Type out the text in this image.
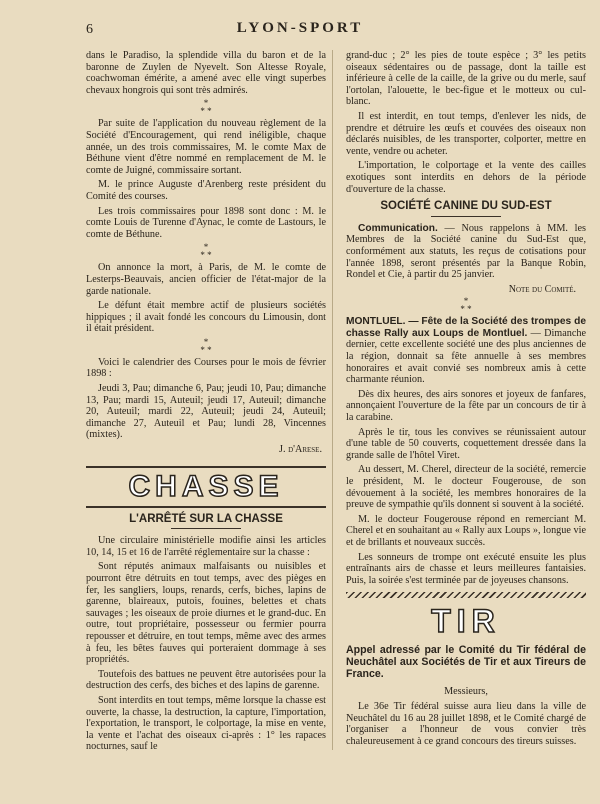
6	LYON-SPORT

dans le Paradiso, la splendide villa du baron et de la baronne de Zuylen de Nyevelt. Son Altesse Royale, coachwoman émérite, a amené avec elle vingt superbes chevaux hongrois qui sont très admirés.

*
* *

Par suite de l'application du nouveau règlement de la Société d'Encouragement, qui rend inéligible, chaque année, un des trois commissaires, M. le comte Max de Béthune vient d'être nommé en remplacement de M. le comte de Juigné, commissaire sortant.

M. le prince Auguste d'Arenberg reste président du Comité des courses.

Les trois commissaires pour 1898 sont donc : M. le comte Louis de Turenne d'Aynac, le comte de Lastours, le comte de Béthune.

*
* *

On annonce la mort, à Paris, de M. le comte de Lesterps-Beauvais, ancien officier de l'état-major de la garde nationale.

Le défunt était membre actif de plusieurs sociétés hippiques ; il avait fondé les concours du Limousin, dont il était président.

*
* *

Voici le calendrier des Courses pour le mois de février 1898 :

Jeudi 3, Pau; dimanche 6, Pau; jeudi 10, Pau; dimanche 13, Pau; mardi 15, Auteuil; jeudi 17, Auteuil; dimanche 20, Auteuil; mardi 22, Auteuil; jeudi 24, Auteuil; dimanche 27, Auteuil et Pau; lundi 28, Vincennes (mixtes).

J. d'Arese.
CHASSE
L'ARRÊTÉ SUR LA CHASSE

Une circulaire ministérielle modifie ainsi les articles 10, 14, 15 et 16 de l'arrêté réglementaire sur la chasse :

Sont réputés animaux malfaisants ou nuisibles et pourront être détruits en tout temps, avec des pièges en fer, les sangliers, loups, renards, cerfs, biches, lapins de garenne, blaireaux, putois, fouines, belettes et chats sauvages ; les oiseaux de proie diurnes et le grand-duc. En outre, tout propriétaire, possesseur ou fermier pourra repousser et détruire, en tout temps, même avec des armes à feu, les bêtes fauves qui porteraient dommage à ses propriétés.

Toutefois des battues ne peuvent être autorisées pour la destruction des cerfs, des biches et des lapins de garenne.

Sont interdits en tout temps, même lorsque la chasse est ouverte, la chasse, la destruction, la capture, l'importation, l'exportation, le transport, le colportage, la mise en vente, la vente et l'achat des oiseaux ci-après : 1° les rapaces nocturnes, sauf le

grand-duc ; 2° les pies de toute espèce ; 3° les petits oiseaux sédentaires ou de passage, dont la taille est inférieure à celle de la caille, de la grive ou du merle, sauf l'ortolan, l'alouette, le bec-figue et le motteux ou cul-blanc.

Il est interdit, en tout temps, d'enlever les nids, de prendre et détruire les œufs et couvées des oiseaux non déclarés nuisibles, de les transporter, colporter, mettre en vente, vendre ou acheter.

L'importation, le colportage et la vente des cailles exotiques sont interdits en dehors de la période d'ouverture de la chasse.

SOCIÉTÉ CANINE DU SUD-EST

Communication. — Nous rappelons à MM. les Membres de la Société canine du Sud-Est que, conformément aux statuts, les reçus de cotisations pour l'année 1898, seront présentés par la Banque Robin, Rondel et Cie, à partir du 25 janvier.

Note du Comité.
*
* *

MONTLUEL. — Fête de la Société des trompes de chasse Rally aux Loups de Montluel. — Dimanche dernier, cette excellente société une des plus anciennes de la région, donnait sa fête annuelle à ses membres honoraires et avait convié ses nombreux amis à cette charmante réunion.

Dès dix heures, des airs sonores et joyeux de fanfares, annonçaient l'ouverture de la fête par un concours de tir à la carabine.

Après le tir, tous les convives se réunissaient autour d'une table de 50 couverts, coquettement dressée dans la grande salle de l'hôtel Viret.

Au dessert, M. Cherel, directeur de la société, remercie le président, M. le docteur Fougerouse, de son dévouement à la société, les membres honoraires de la preuve de sympathie qu'ils donnent si souvent à la société.

M. le docteur Fougerouse répond en remerciant M. Cherel et en souhaitant au « Rally aux Loups », longue vie et de brillants et nouveaux succès.

Les sonneurs de trompe ont exécuté ensuite les plus entraînants airs de chasse et leurs meilleures fantaisies. Puis, la soirée s'est terminée par de joyeuses chansons.

TIR
Appel adressé par le Comité du Tir fédéral de Neuchâtel aux Sociétés de Tir et aux Tireurs de France.

Messieurs,

Le 36e Tir fédéral suisse aura lieu dans la ville de Neuchâtel du 16 au 28 juillet 1898, et le Comité chargé de l'organiser a l'honneur de vous convier très chaleureusement à ce grand concours des tireurs suisses.
